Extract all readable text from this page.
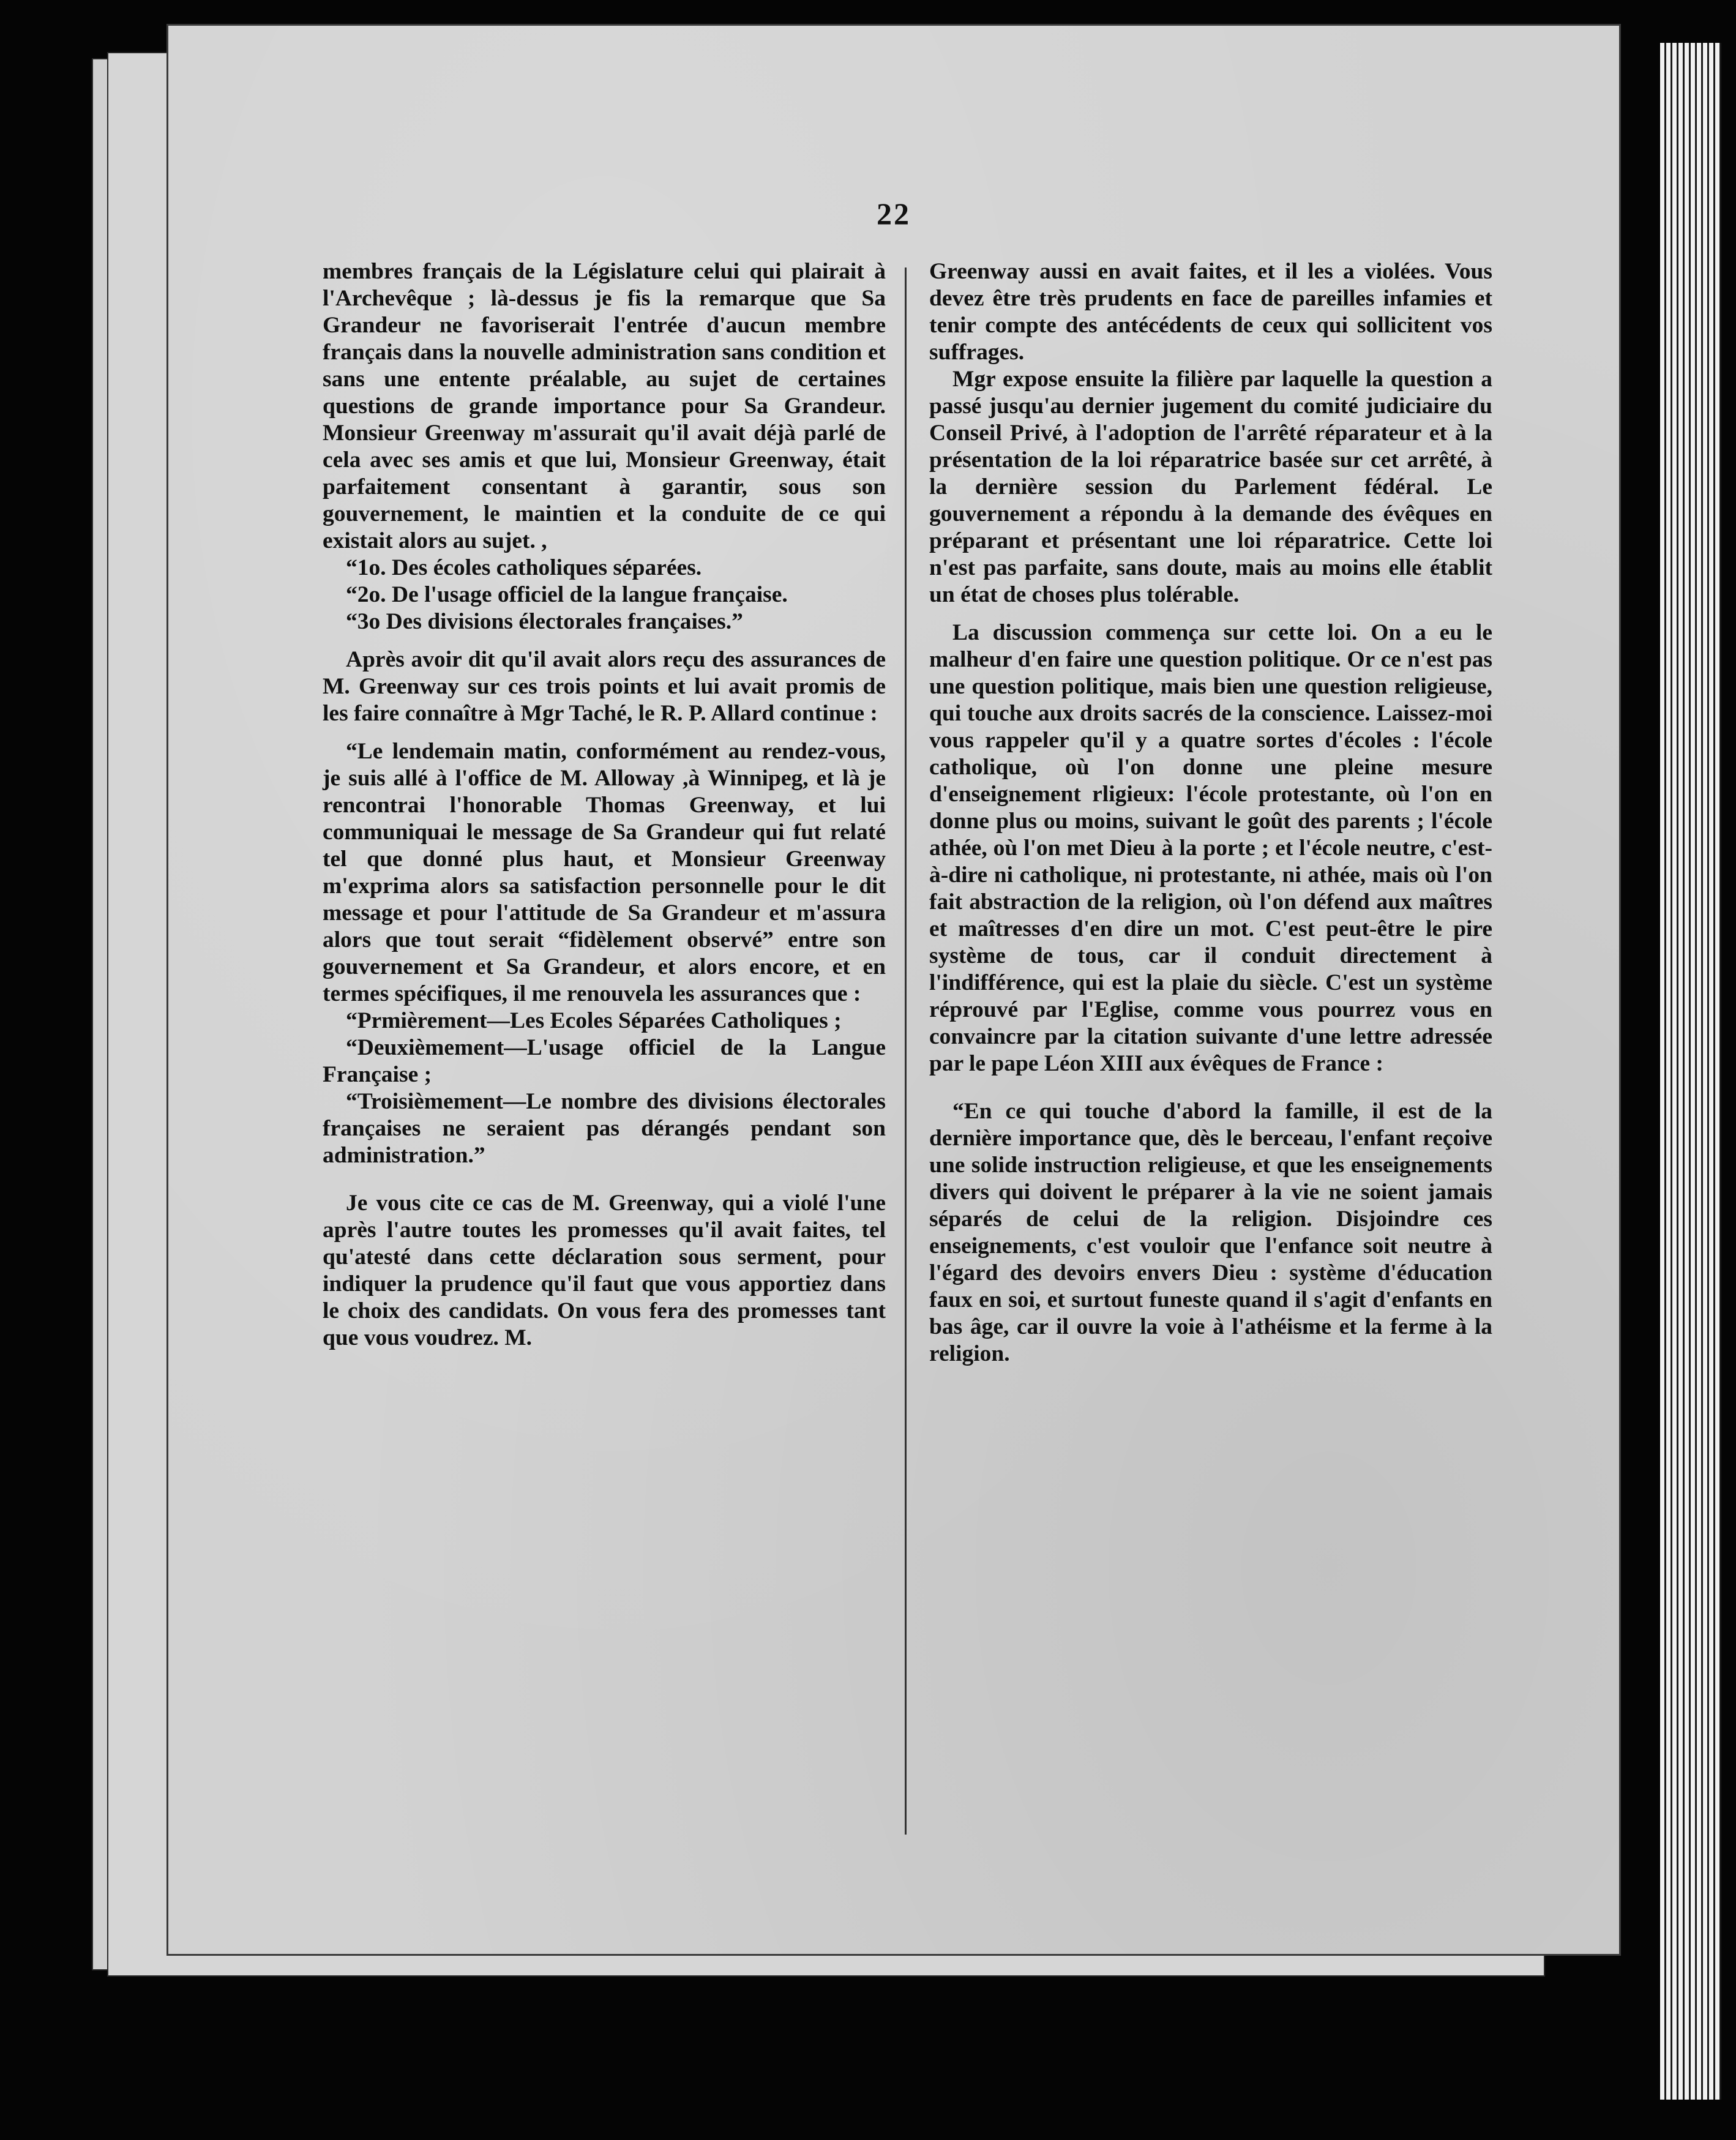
22

membres français de la Législature celui qui plairait à l'Archevêque ; là-dessus je fis la remarque que Sa Grandeur ne favoriserait l'entrée d'aucun membre français dans la nouvelle administration sans condition et sans une entente préalable, au sujet de certaines questions de grande importance pour Sa Grandeur. Monsieur Greenway m'assurait qu'il avait déjà parlé de cela avec ses amis et que lui, Monsieur Greenway, était parfaitement consentant à garantir, sous son gouvernement, le maintien et la conduite de ce qui existait alors au sujet. ,

“1o. Des écoles catholiques séparées.

“2o. De l'usage officiel de la langue française.

“3o Des divisions électorales françaises.”

Après avoir dit qu'il avait alors reçu des assurances de M. Greenway sur ces trois points et lui avait promis de les faire connaître à Mgr Taché, le R. P. Allard continue :

“Le lendemain matin, conformément au rendez-vous, je suis allé à l'office de M. Alloway ,à Winnipeg, et là je rencontrai l'honorable Thomas Greenway, et lui communiquai le message de Sa Grandeur qui fut relaté tel que donné plus haut, et Monsieur Greenway m'exprima alors sa satisfaction personnelle pour le dit message et pour l'attitude de Sa Grandeur et m'assura alors que tout serait “fidèlement observé” entre son gouvernement et Sa Grandeur, et alors encore, et en termes spécifiques, il me renouvela les assurances que :

“Prmièrement—Les Ecoles Séparées Catholiques ;

“Deuxièmement—L'usage officiel de la Langue Française ;

“Troisièmement—Le nombre des divisions électorales françaises ne seraient pas dérangés pendant son administration.”

Je vous cite ce cas de M. Greenway, qui a violé l'une après l'autre toutes les promesses qu'il avait faites, tel qu'atesté dans cette déclaration sous serment, pour indiquer la prudence qu'il faut que vous apportiez dans le choix des candidats. On vous fera des promesses tant que vous voudrez. M.

Greenway aussi en avait faites, et il les a violées. Vous devez être très prudents en face de pareilles infamies et tenir compte des antécédents de ceux qui sollicitent vos suffrages.

Mgr expose ensuite la filière par laquelle la question a passé jusqu'au dernier jugement du comité judiciaire du Conseil Privé, à l'adoption de l'arrêté réparateur et à la présentation de la loi réparatrice basée sur cet arrêté, à la dernière session du Parlement fédéral. Le gouvernement a répondu à la demande des évêques en préparant et présentant une loi réparatrice. Cette loi n'est pas parfaite, sans doute, mais au moins elle établit un état de choses plus tolérable.

La discussion commença sur cette loi. On a eu le malheur d'en faire une question politique. Or ce n'est pas une question politique, mais bien une question religieuse, qui touche aux droits sacrés de la conscience. Laissez-moi vous rappeler qu'il y a quatre sortes d'écoles : l'école catholique, où l'on donne une pleine mesure d'enseignement rligieux: l'école protestante, où l'on en donne plus ou moins, suivant le goût des parents ; l'école athée, où l'on met Dieu à la porte ; et l'école neutre, c'est-à-dire ni catholique, ni protestante, ni athée, mais où l'on fait abstraction de la religion, où l'on défend aux maîtres et maîtresses d'en dire un mot. C'est peut-être le pire système de tous, car il conduit directement à l'indifférence, qui est la plaie du siècle. C'est un système réprouvé par l'Eglise, comme vous pourrez vous en convaincre par la citation suivante d'une lettre adressée par le pape Léon XIII aux évêques de France :

“En ce qui touche d'abord la famille, il est de la dernière importance que, dès le berceau, l'enfant reçoive une solide instruction religieuse, et que les enseignements divers qui doivent le préparer à la vie ne soient jamais séparés de celui de la religion. Disjoindre ces enseignements, c'est vouloir que l'enfance soit neutre à l'égard des devoirs envers Dieu : système d'éducation faux en soi, et surtout funeste quand il s'agit d'enfants en bas âge, car il ouvre la voie à l'athéisme et la ferme à la religion.
